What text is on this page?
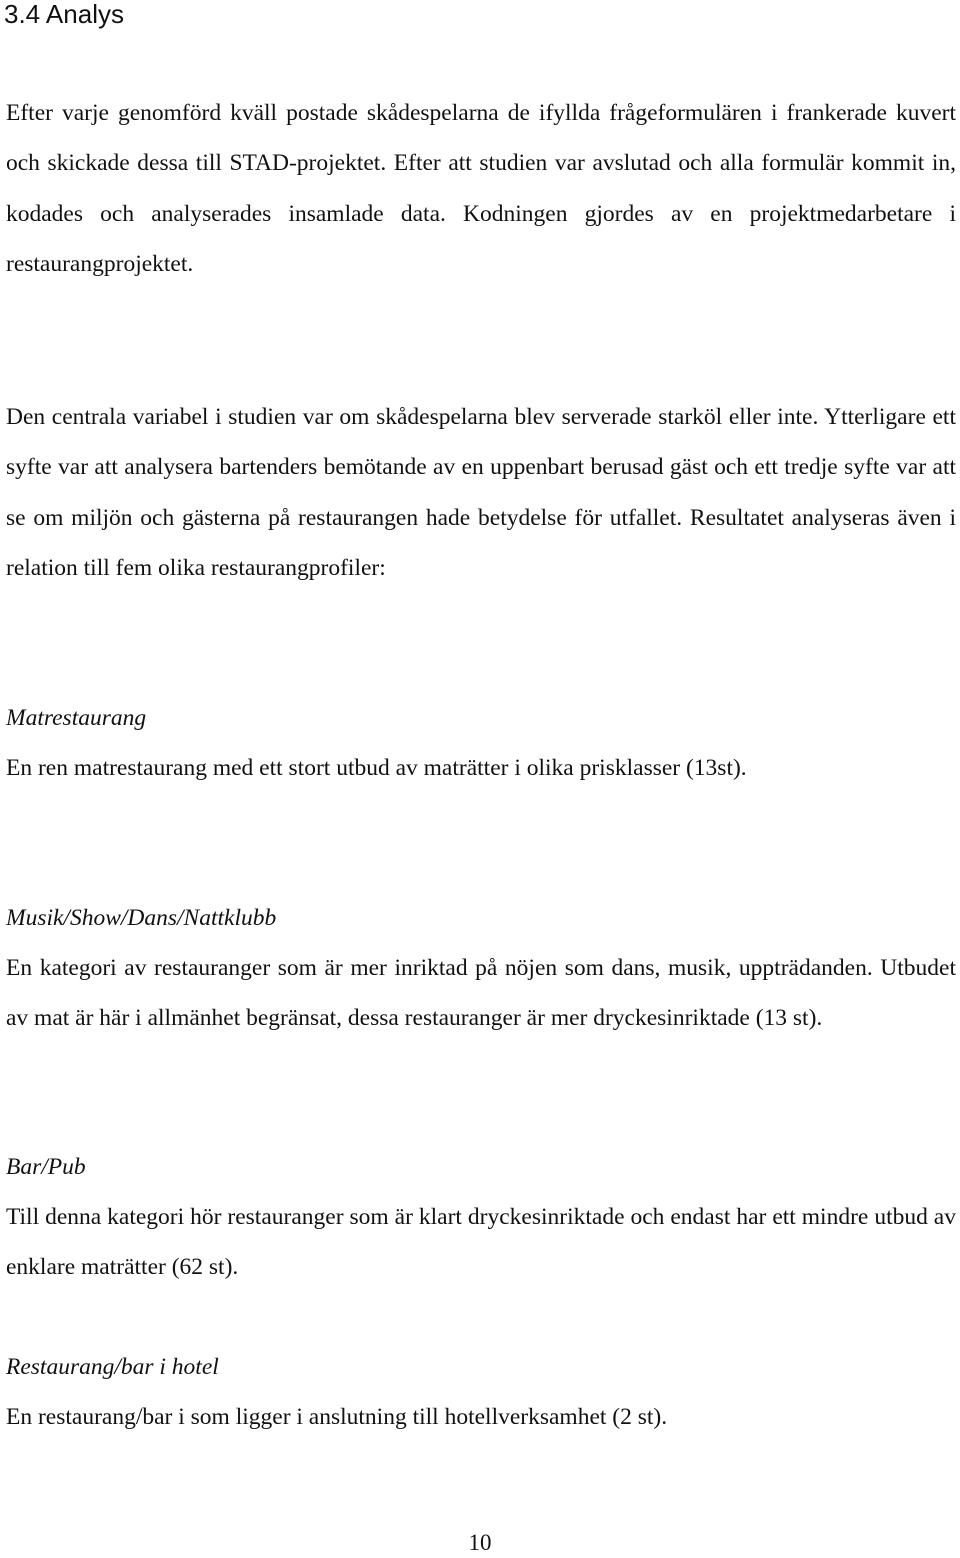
3.4 Analys

Efter varje genomförd kväll postade skådespelarna de ifyllda frågeformulären i frankerade kuvert och skickade dessa till STAD-projektet. Efter att studien var avslutad och alla formulär kommit in, kodades och analyserades insamlade data. Kodningen gjordes av en projektmedarbetare i restaurangprojektet.

Den centrala variabel i studien var om skådespelarna blev serverade starköl eller inte. Ytterligare ett syfte var att analysera bartenders bemötande av en uppenbart berusad gäst och ett tredje syfte var att se om miljön och gästerna på restaurangen hade betydelse för utfallet. Resultatet analyseras även i relation till fem olika restaurangprofiler:

Matrestaurang

En ren matrestaurang med ett stort utbud av maträtter i olika prisklasser (13st).

Musik/Show/Dans/Nattklubb

En kategori av restauranger som är mer inriktad på nöjen som dans, musik, uppträdanden. Utbudet av mat är här i allmänhet begränsat, dessa restauranger är mer dryckesinriktade (13 st).

Bar/Pub

Till denna kategori hör restauranger som är klart dryckesinriktade och endast har ett mindre utbud av enklare maträtter (62 st).

Restaurang/bar i hotel

En restaurang/bar i som ligger i anslutning till hotellverksamhet (2 st).

10
